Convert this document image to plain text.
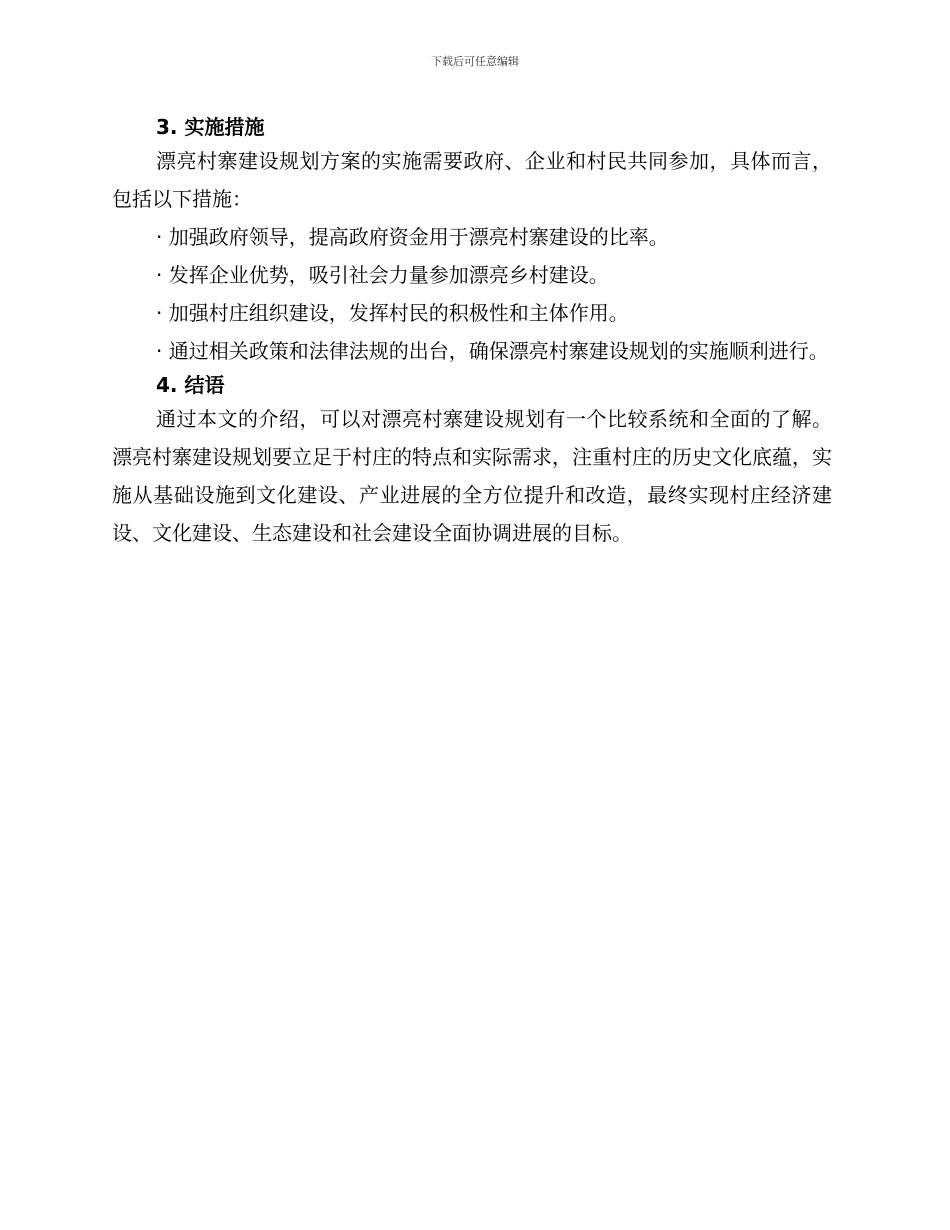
下载后可任意编辑
3. 实施措施

漂亮村寨建设规划方案的实施需要政府、企业和村民共同参加，具体而言，包括以下措施：

· 加强政府领导，提高政府资金用于漂亮村寨建设的比率。

· 发挥企业优势，吸引社会力量参加漂亮乡村建设。

· 加强村庄组织建设，发挥村民的积极性和主体作用。

· 通过相关政策和法律法规的出台，确保漂亮村寨建设规划的实施顺利进行。

4. 结语

通过本文的介绍，可以对漂亮村寨建设规划有一个比较系统和全面的了解。漂亮村寨建设规划要立足于村庄的特点和实际需求，注重村庄的历史文化底蕴，实施从基础设施到文化建设、产业进展的全方位提升和改造，最终实现村庄经济建设、文化建设、生态建设和社会建设全面协调进展的目标。
